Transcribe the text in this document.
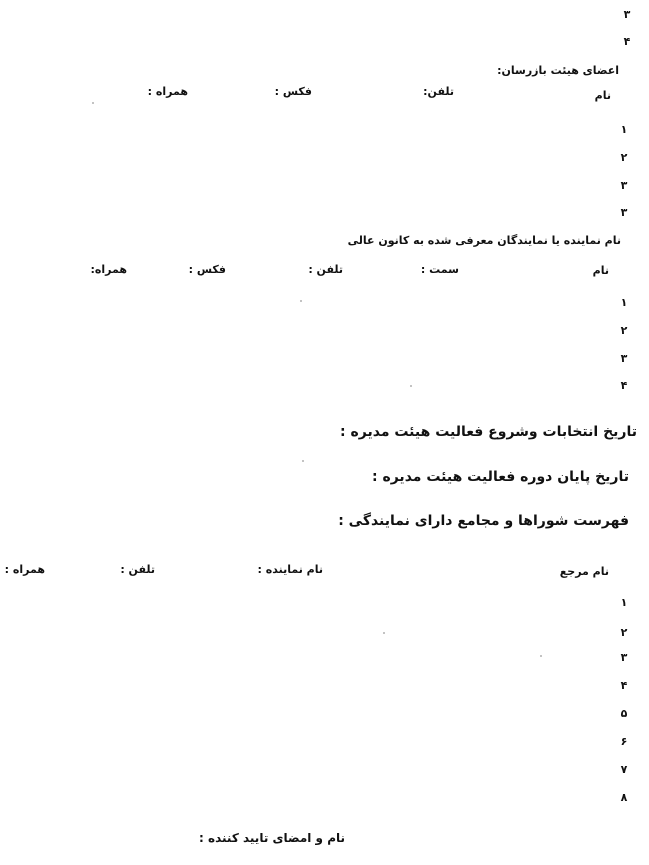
۳
۴
اعضای هیئت بازرسان:
نام
تلفن:
فکس :
همراه :
۱
۲
۳
۳
نام نماینده یا نمایندگان معرفی شده به کانون عالی
نام
سمت :
تلفن :
فکس :
همراه:
۱
۲
۳
۴
تاریخ انتخابات وشروع فعالیت هیئت مدیره :
تاریخ پایان دوره فعالیت هیئت مدیره :
فهرست شوراها و مجامع دارای نمایندگی :
نام مرجع
نام نماینده :
تلفن :
همراه :
۱
۲
۳
۴
۵
۶
۷
۸
نام و امضای تایید کننده :
